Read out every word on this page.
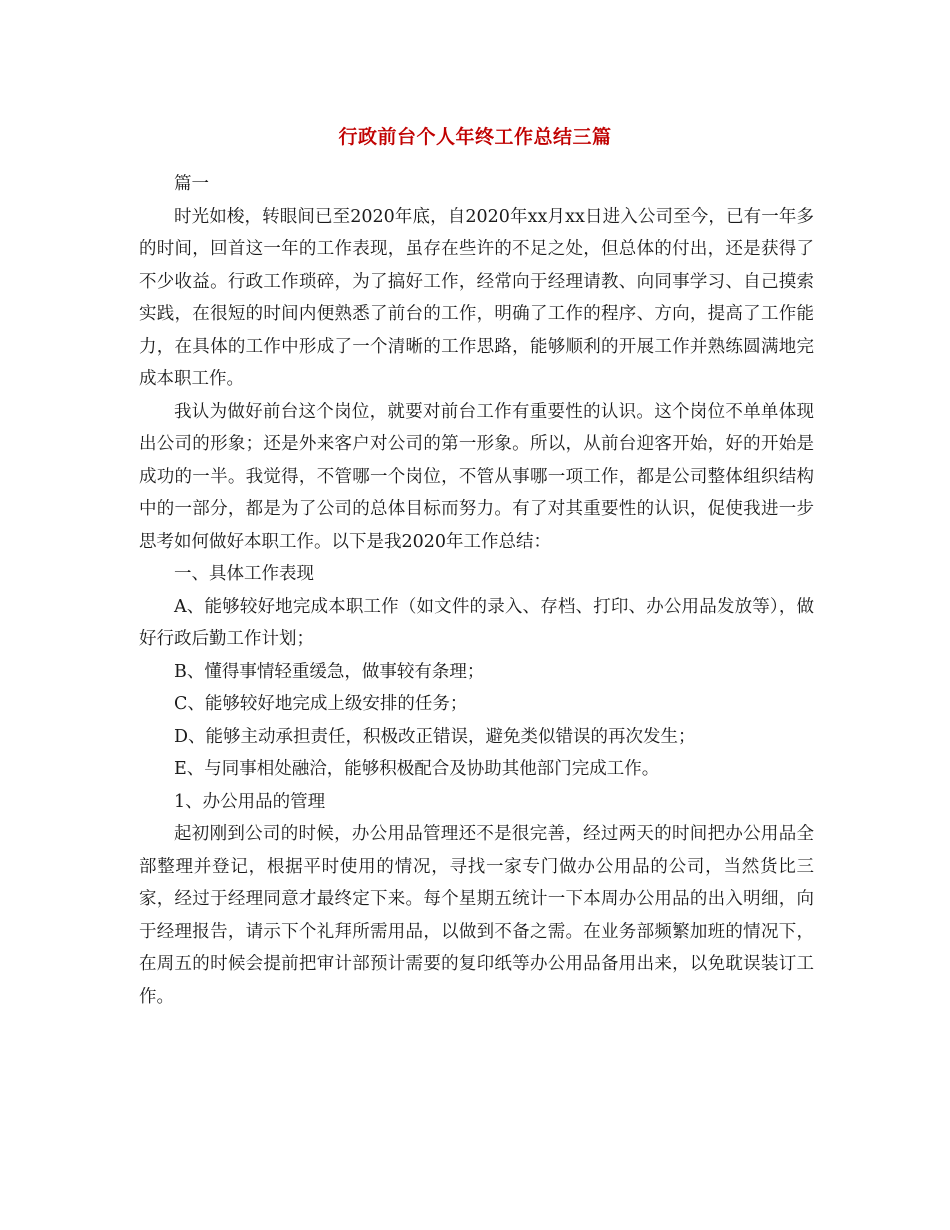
行政前台个人年终工作总结三篇

篇一

时光如梭，转眼间已至2020年底，自2020年xx月xx日进入公司至今，已有一年多的时间，回首这一年的工作表现，虽存在些许的不足之处，但总体的付出，还是获得了不少收益。行政工作琐碎，为了搞好工作，经常向于经理请教、向同事学习、自己摸索实践，在很短的时间内便熟悉了前台的工作，明确了工作的程序、方向，提高了工作能力，在具体的工作中形成了一个清晰的工作思路，能够顺利的开展工作并熟练圆满地完成本职工作。

我认为做好前台这个岗位，就要对前台工作有重要性的认识。这个岗位不单单体现出公司的形象；还是外来客户对公司的第一形象。所以，从前台迎客开始，好的开始是成功的一半。我觉得，不管哪一个岗位，不管从事哪一项工作，都是公司整体组织结构中的一部分，都是为了公司的总体目标而努力。有了对其重要性的认识，促使我进一步思考如何做好本职工作。以下是我2020年工作总结：

一、具体工作表现

A、能够较好地完成本职工作（如文件的录入、存档、打印、办公用品发放等），做好行政后勤工作计划；

B、懂得事情轻重缓急，做事较有条理；

C、能够较好地完成上级安排的任务；

D、能够主动承担责任，积极改正错误，避免类似错误的再次发生；

E、与同事相处融洽，能够积极配合及协助其他部门完成工作。

1、办公用品的管理

起初刚到公司的时候，办公用品管理还不是很完善，经过两天的时间把办公用品全部整理并登记，根据平时使用的情况，寻找一家专门做办公用品的公司，当然货比三家，经过于经理同意才最终定下来。每个星期五统计一下本周办公用品的出入明细，向于经理报告，请示下个礼拜所需用品，以做到不备之需。在业务部频繁加班的情况下，在周五的时候会提前把审计部预计需要的复印纸等办公用品备用出来，以免耽误装订工作。
